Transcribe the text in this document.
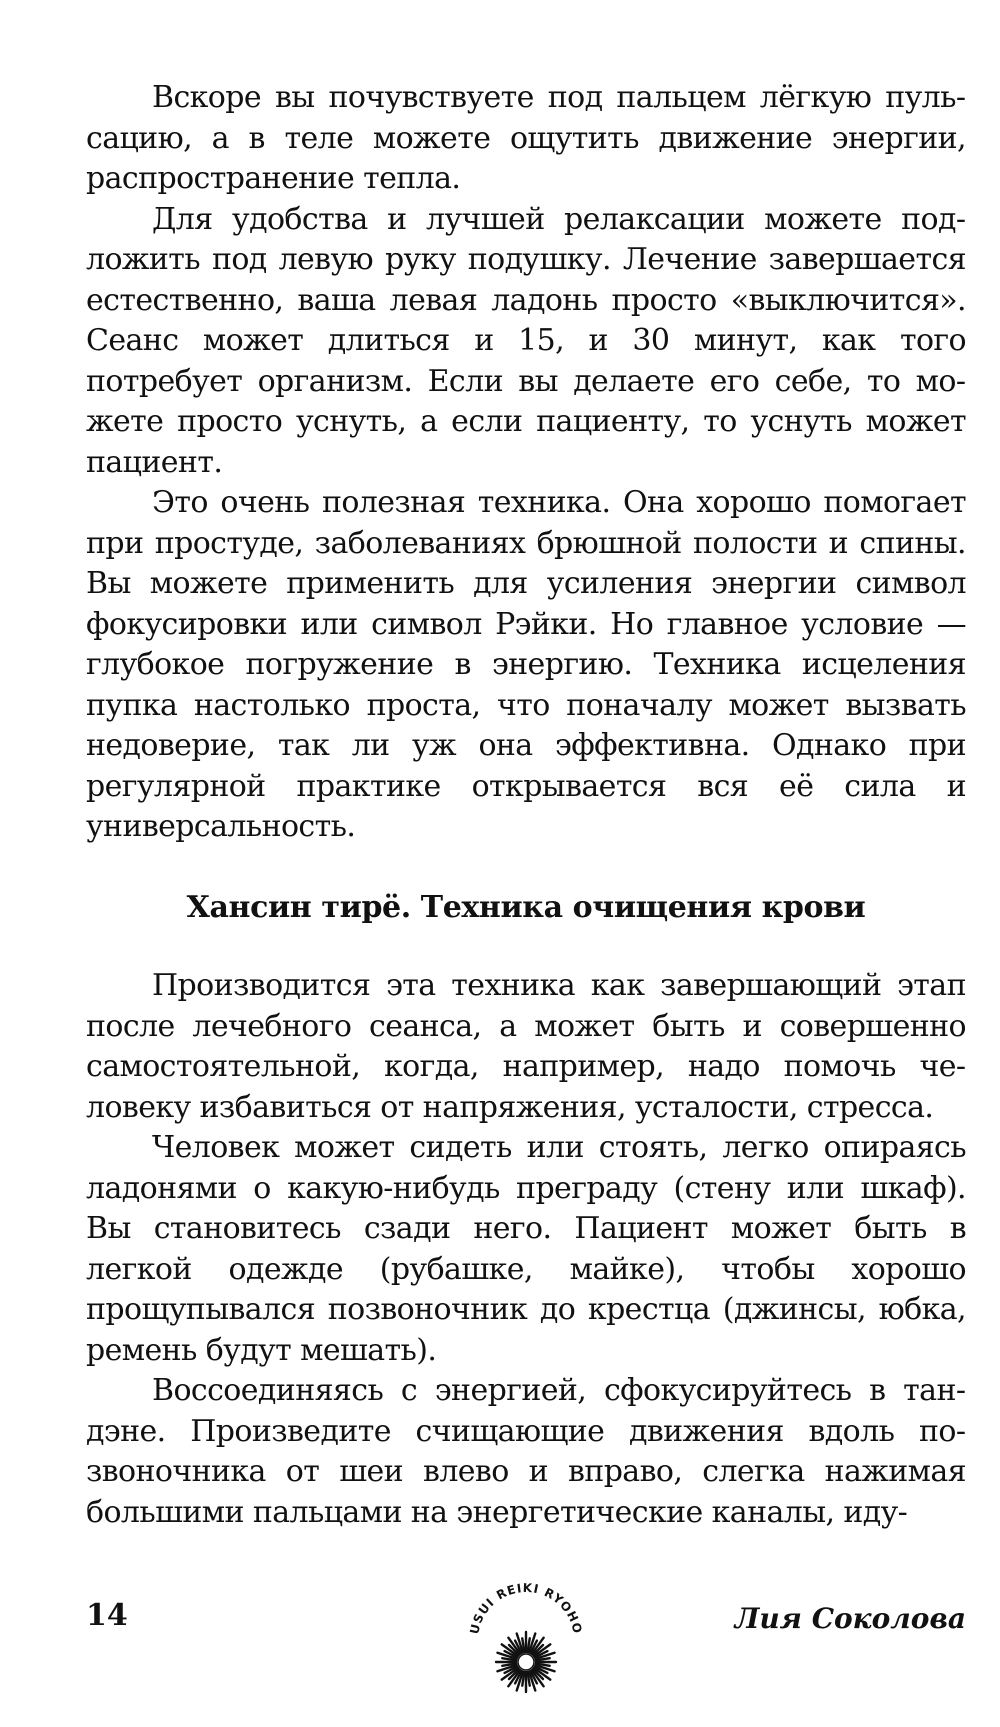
Вскоре вы почувствуете под пальцем лёгкую пульсацию, а в теле можете ощутить движение энергии, распространение тепла.

Для удобства и лучшей релаксации можете подложить под левую руку подушку. Лечение завершается естественно, ваша левая ладонь просто «выключится». Сеанс может длиться и 15, и 30 минут, как того потребует организм. Если вы делаете его себе, то можете просто уснуть, а если пациенту, то уснуть может пациент.

Это очень полезная техника. Она хорошо помогает при простуде, заболеваниях брюшной полости и спины. Вы можете применить для усиления энергии символ фокусировки или символ Рэйки. Но главное условие — глубокое погружение в энергию. Техника исцеления пупка настолько проста, что поначалу может вызвать недоверие, так ли уж она эффективна. Однако при регулярной практике открывается вся её сила и универсальность.

Хансин тирё. Техника очищения крови

Производится эта техника как завершающий этап после лечебного сеанса, а может быть и совершенно самостоятельной, когда, например, надо помочь человеку избавиться от напряжения, усталости, стресса.

Человек может сидеть или стоять, легко опираясь ладонями о какую-нибудь преграду (стену или шкаф). Вы становитесь сзади него. Пациент может быть в легкой одежде (рубашке, майке), чтобы хорошо прощупывался позвоночник до крестца (джинсы, юбка, ремень будут мешать).

Воссоединяясь с энергией, сфокусируйтесь в тандэне. Произведите счищающие движения вдоль позвоночника от шеи влево и вправо, слегка нажимая большими пальцами на энергетические каналы, иду-

14	USUI REIKI RYOHO	Лия Соколова
